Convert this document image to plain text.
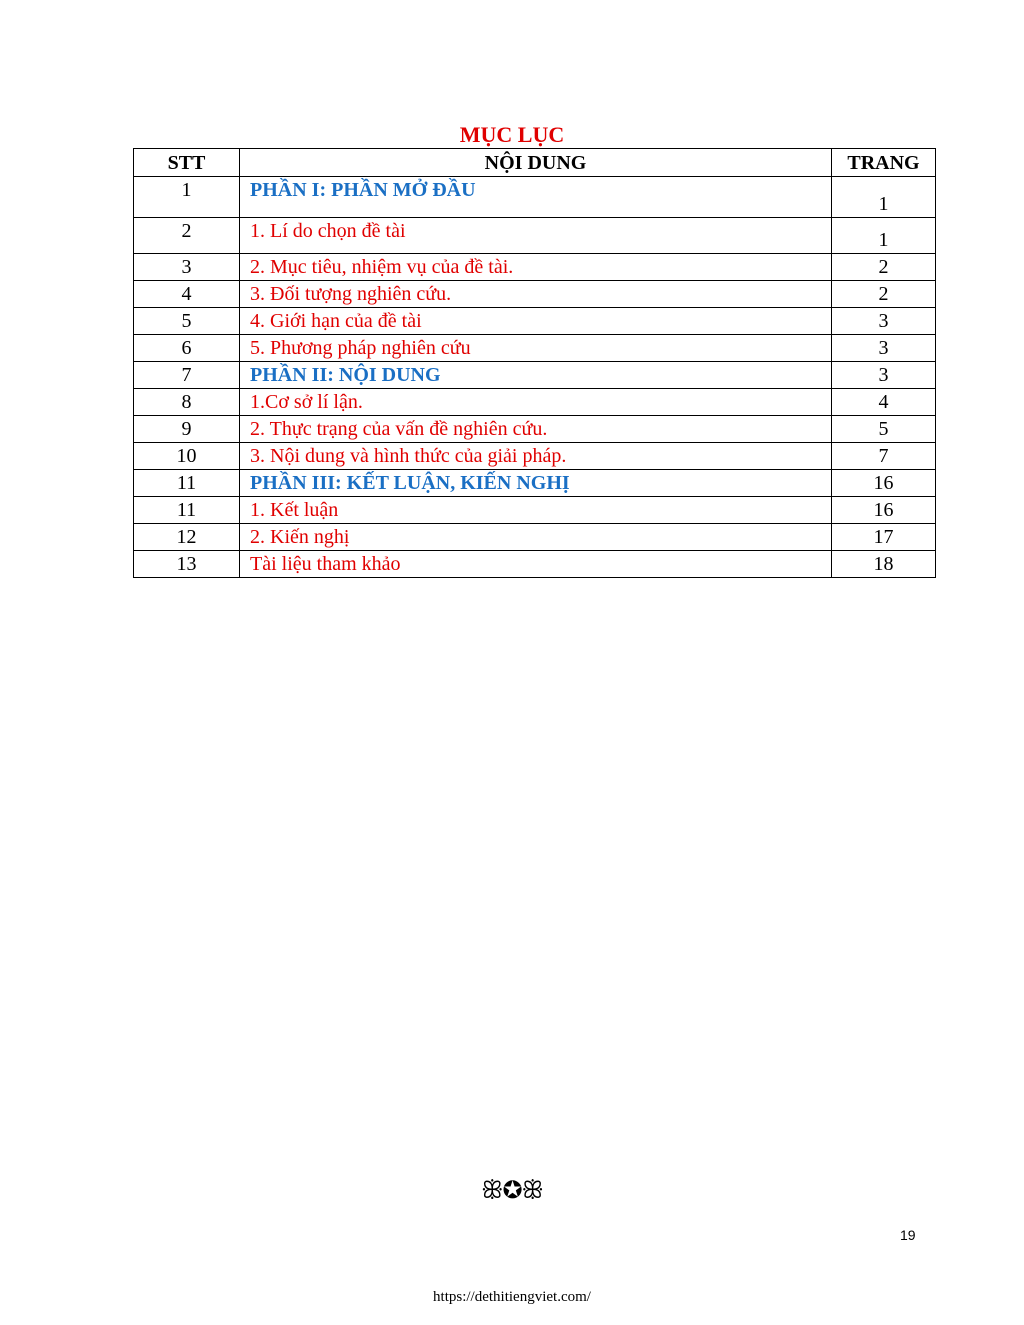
MỤC LỤC
STT	NỘI DUNG	TRANG
1	PHẦN I: PHẦN MỞ ĐẦU	1
2	1. Lí do chọn đề tài	1
3	2. Mục tiêu, nhiệm vụ của đề tài.	2
4	3. Đối tượng nghiên cứu.	2
5	4. Giới hạn của đề tài	3
6	5. Phương pháp nghiên cứu	3
7	PHẦN II: NỘI DUNG	3
8	1.Cơ sở lí lận.	4
9	2. Thực trạng của vấn đề nghiên cứu.	5
10	3. Nội dung và hình thức của giải pháp.	7
11	PHẦN III: KẾT LUẬN, KIẾN NGHỊ	16
11	1. Kết luận	16
12	2. Kiến nghị	17
13	Tài liệu tham khảo	18
ꕥ✪ꕥ
19
https://dethitiengviet.com/
